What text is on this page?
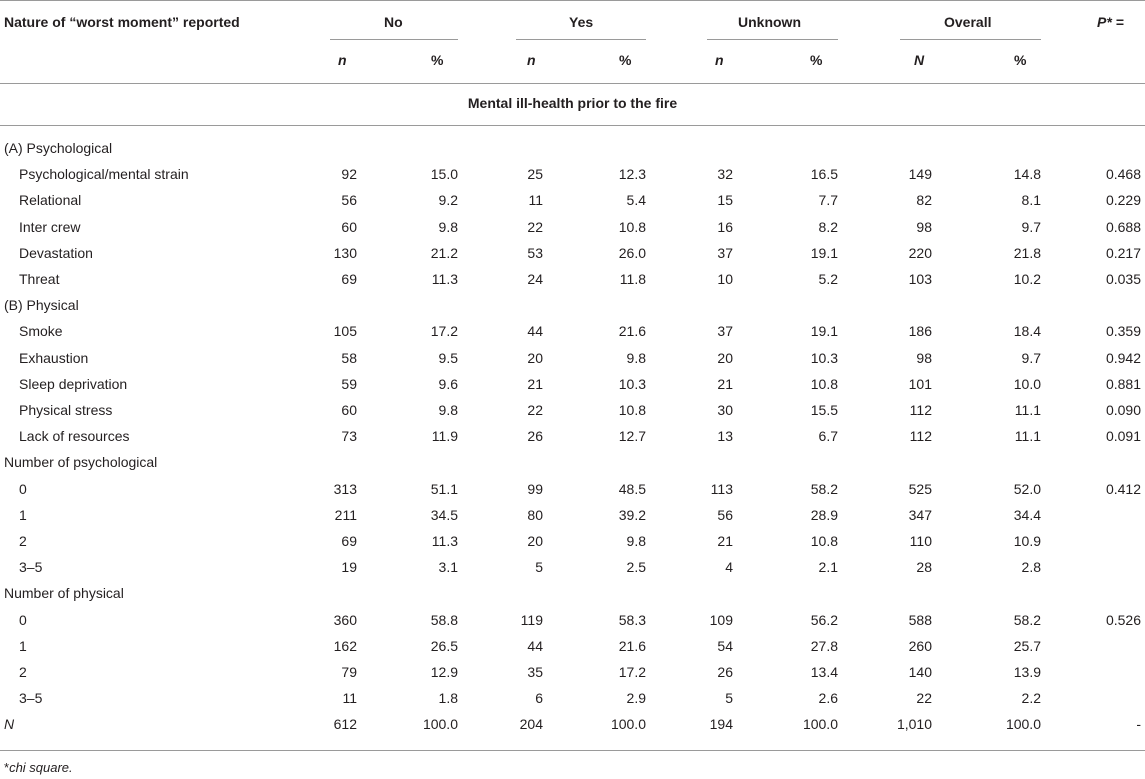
Nature of “worst moment” reported	No	Yes	Unknown	Overall	P* =
n	%	n	%	n	%	N	%
Mental ill-health prior to the fire
(A) Psychological
Psychological/mental strain	92	15.0	25	12.3	32	16.5	149	14.8	0.468
Relational	56	9.2	11	5.4	15	7.7	82	8.1	0.229
Inter crew	60	9.8	22	10.8	16	8.2	98	9.7	0.688
Devastation	130	21.2	53	26.0	37	19.1	220	21.8	0.217
Threat	69	11.3	24	11.8	10	5.2	103	10.2	0.035
(B) Physical
Smoke	105	17.2	44	21.6	37	19.1	186	18.4	0.359
Exhaustion	58	9.5	20	9.8	20	10.3	98	9.7	0.942
Sleep deprivation	59	9.6	21	10.3	21	10.8	101	10.0	0.881
Physical stress	60	9.8	22	10.8	30	15.5	112	11.1	0.090
Lack of resources	73	11.9	26	12.7	13	6.7	112	11.1	0.091
Number of psychological
0	313	51.1	99	48.5	113	58.2	525	52.0	0.412
1	211	34.5	80	39.2	56	28.9	347	34.4
2	69	11.3	20	9.8	21	10.8	110	10.9
3–5	19	3.1	5	2.5	4	2.1	28	2.8
Number of physical
0	360	58.8	119	58.3	109	56.2	588	58.2	0.526
1	162	26.5	44	21.6	54	27.8	260	25.7
2	79	12.9	35	17.2	26	13.4	140	13.9
3–5	11	1.8	6	2.9	5	2.6	22	2.2
N	612	100.0	204	100.0	194	100.0	1,010	100.0	-
*chi square.
